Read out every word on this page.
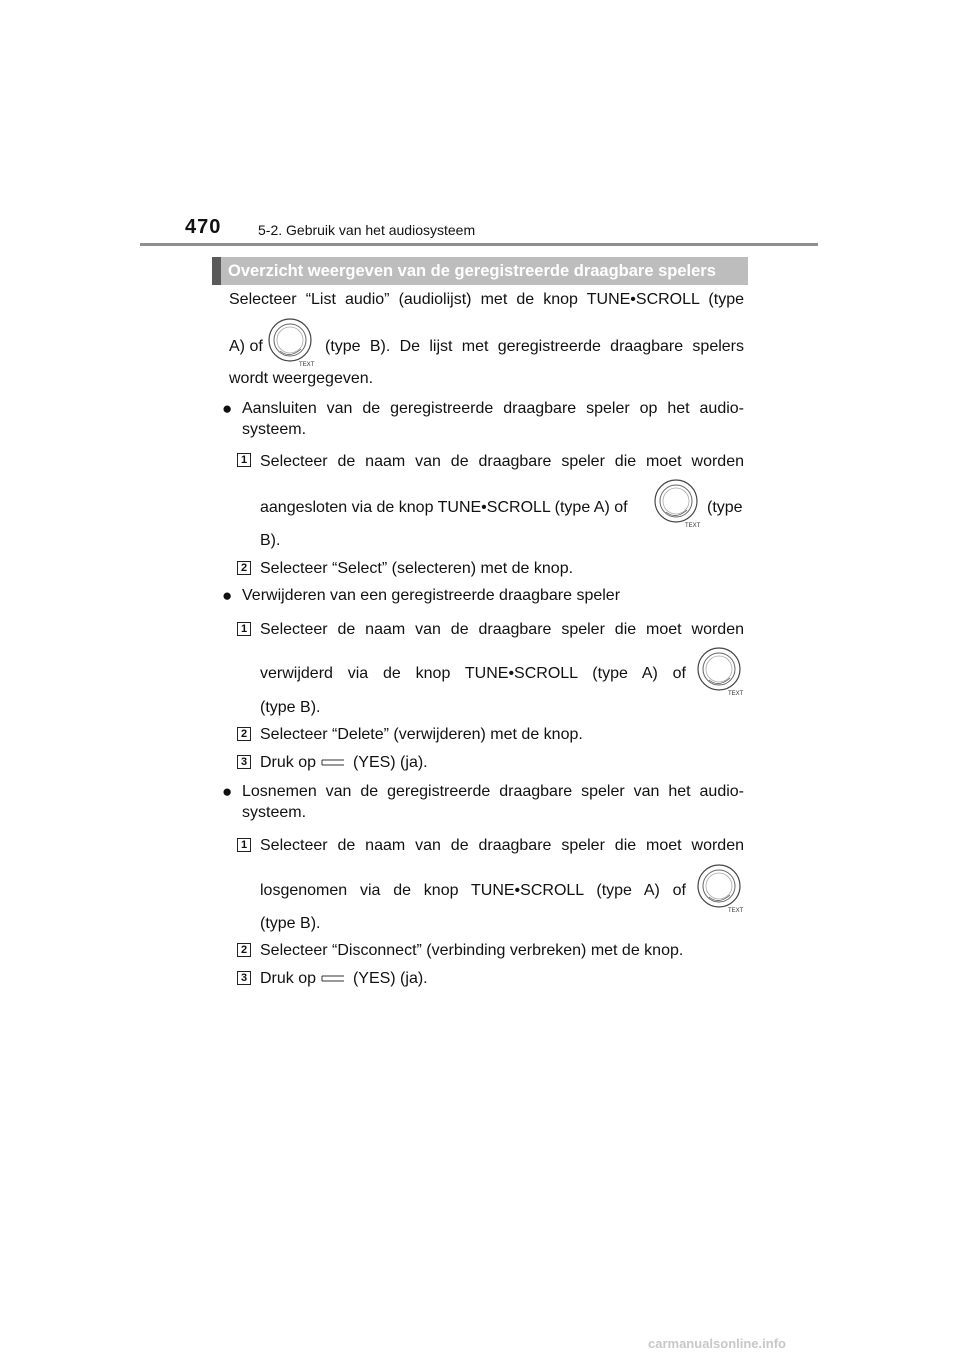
470	5-2. Gebruik van het audiosysteem
Overzicht weergeven van de geregistreerde draagbare spelers
Selecteer “List audio” (audiolijst) met de knop TUNE•SCROLL (type
A) of
TEXT
(type B). De lijst met geregistreerde draagbare spelers
wordt weergegeven.
● Aansluiten van de geregistreerde draagbare speler op het audio-
systeem.
1 Selecteer de naam van de draagbare speler die moet worden
aangesloten via de knop TUNE•SCROLL (type A) of
TEXT
(type
B).
2 Selecteer “Select” (selecteren) met de knop.
● Verwijderen van een geregistreerde draagbare speler
1 Selecteer de naam van de draagbare speler die moet worden
verwijderd via de knop TUNE•SCROLL (type A) of
TEXT
(type B).
2 Selecteer “Delete” (verwijderen) met de knop.
3 Druk op (YES) (ja).
● Losnemen van de geregistreerde draagbare speler van het audio-
systeem.
1 Selecteer de naam van de draagbare speler die moet worden
losgenomen via de knop TUNE•SCROLL (type A) of
TEXT
(type B).
2 Selecteer “Disconnect” (verbinding verbreken) met de knop.
3 Druk op (YES) (ja).
carmanualsonline.info
